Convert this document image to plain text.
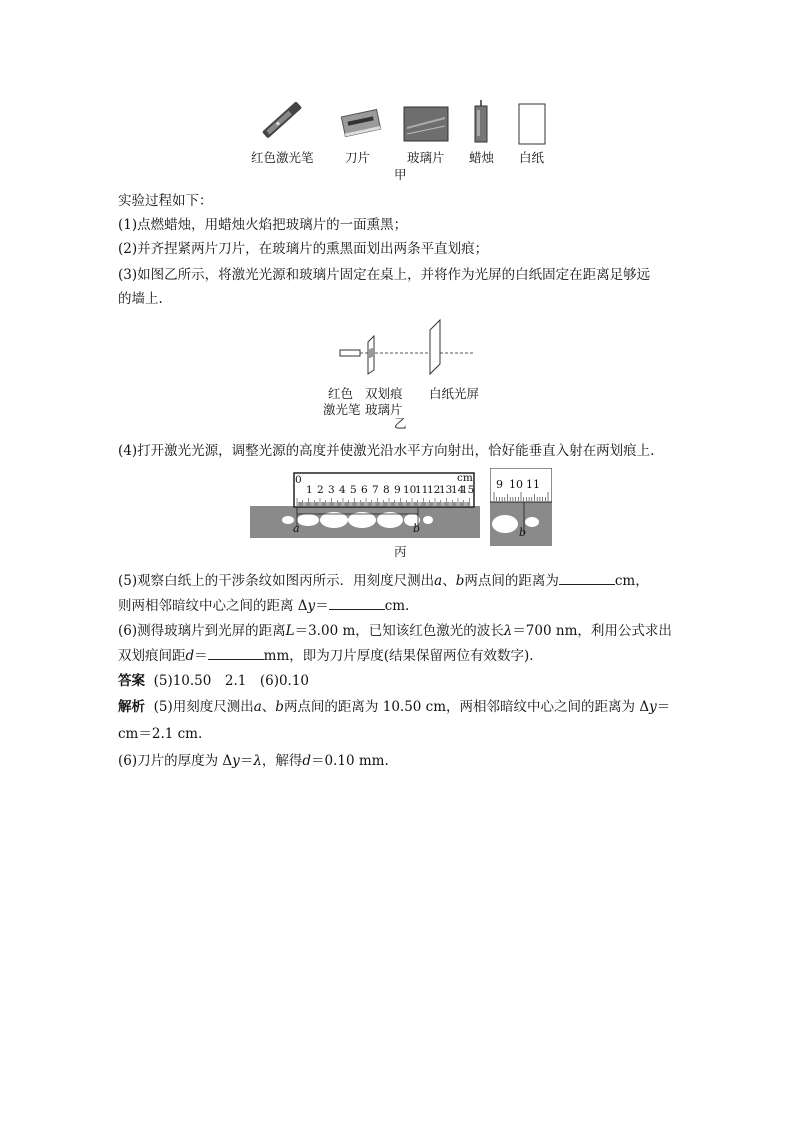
红色激光笔	刀片	玻璃片 蜡烛 白纸
甲
实验过程如下：
(1)点燃蜡烛，用蜡烛火焰把玻璃片的一面熏黑；
(2)并齐捏紧两片刀片，在玻璃片的熏黑面划出两条平直划痕；
(3)如图乙所示，将激光光源和玻璃片固定在桌上，并将作为光屏的白纸固定在距离足够远
的墙上.
红色
激光笔
双划痕
玻璃片
白纸光屏
乙
(4)打开激光光源，调整光源的高度并使激光沿水平方向射出，恰好能垂直入射在两划痕上.
0
1 2 3 4 5 6 7 8 9 10
11
12
13
14
15
cm
a	b
9 10 11
b
丙
(5)观察白纸上的干涉条纹如图丙所示．用刻度尺测出a、b两点间的距离为	cm，
则两相邻暗纹中心之间的距离 Δy＝	cm.
(6)测得玻璃片到光屏的距离L＝3.00 m，已知该红色激光的波长λ＝700 nm，利用公式求出
双划痕间距d＝	mm，即为刀片厚度(结果保留两位有效数字).
答案 (5)10.50　2.1　(6)0.10
解析 (5)用刻度尺测出a、b两点间的距离为 10.50 cm，两相邻暗纹中心之间的距离为 Δy＝
cm＝2.1 cm.
(6)刀片的厚度为 Δy＝λ，解得d＝0.10 mm.
